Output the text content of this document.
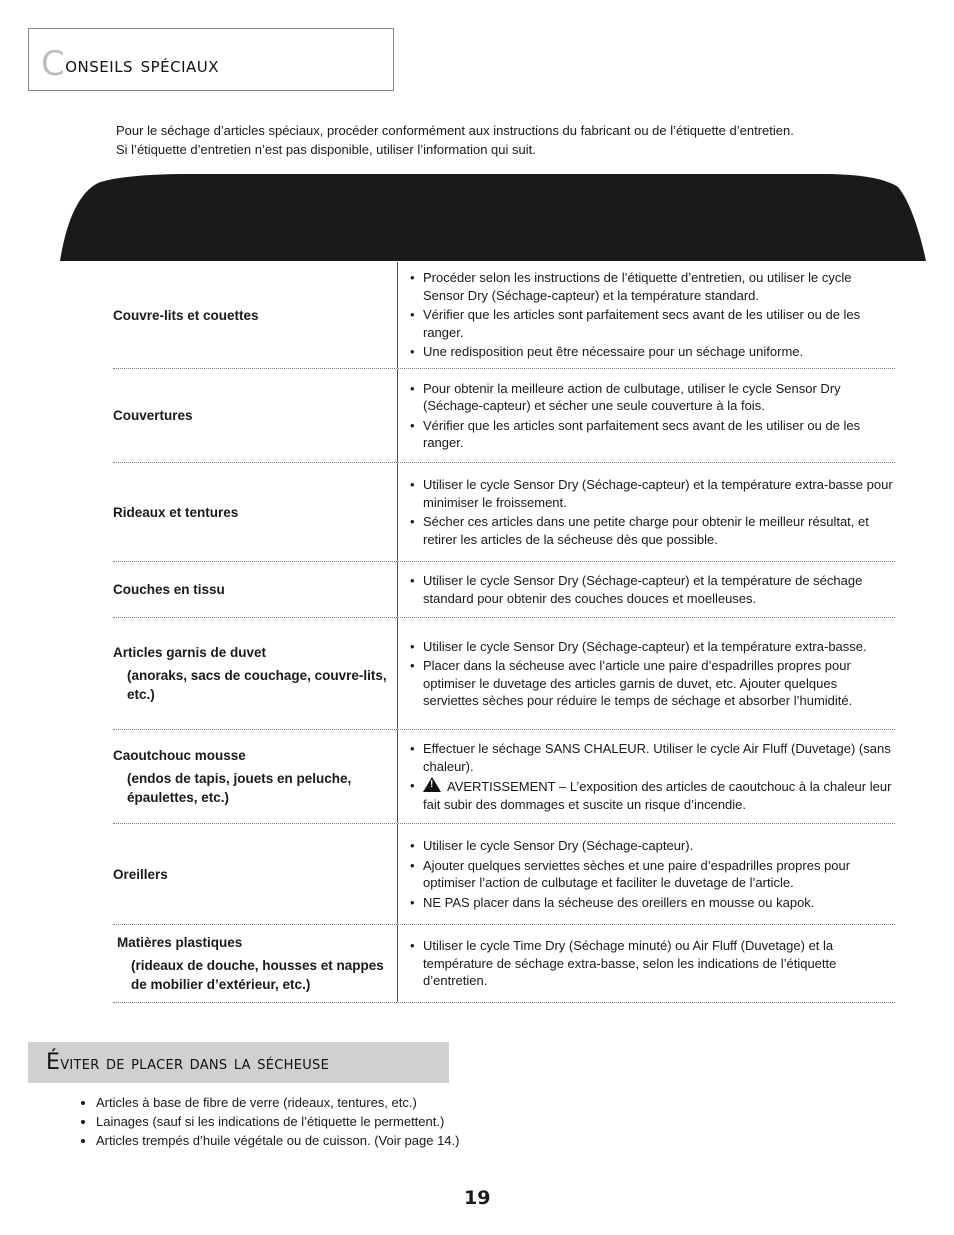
Conseils spéciaux
Pour le séchage d’articles spéciaux, procéder conformément aux instructions du fabricant ou de l’étiquette d’entretien.
Si l’étiquette d’entretien n’est pas disponible, utiliser l’information qui suit.
Couvre-lits et couettes
• Procéder selon les instructions de l’étiquette d’entretien, ou utiliser le cycle Sensor Dry (Séchage-capteur) et la température standard.
• Vérifier que les articles sont parfaitement secs avant de les utiliser ou de les ranger.
• Une redisposition peut être nécessaire pour un séchage uniforme.
Couvertures
• Pour obtenir la meilleure action de culbutage, utiliser le cycle Sensor Dry (Séchage-capteur) et sécher une seule couverture à la fois.
• Vérifier que les articles sont parfaitement secs avant de les utiliser ou de les ranger.
Rideaux et tentures
• Utiliser le cycle Sensor Dry (Séchage-capteur) et la température extra-basse pour minimiser le froissement.
• Sécher ces articles dans une petite charge pour obtenir le meilleur résultat, et retirer les articles de la sécheuse dès que possible.
Couches en tissu
• Utiliser le cycle Sensor Dry (Séchage-capteur) et la température de séchage standard pour obtenir des couches douces et moelleuses.
Articles garnis de duvet
(anoraks, sacs de couchage, couvre-lits, etc.)
• Utiliser le cycle Sensor Dry (Séchage-capteur) et la température extra-basse.
• Placer dans la sécheuse avec l’article une paire d’espadrilles propres pour optimiser le duvetage des articles garnis de duvet, etc. Ajouter quelques serviettes sèches pour réduire le temps de séchage et absorber l’humidité.
Caoutchouc mousse
(endos de tapis, jouets en peluche, épaulettes, etc.)
• Effectuer le séchage SANS CHALEUR. Utiliser le cycle Air Fluff (Duvetage) (sans chaleur).
• ! AVERTISSEMENT – L’exposition des articles de caoutchouc à la chaleur leur fait subir des dommages et suscite un risque d’incendie.
Oreillers
• Utiliser le cycle Sensor Dry (Séchage-capteur).
• Ajouter quelques serviettes sèches et une paire d’espadrilles propres pour optimiser l’action de culbutage et faciliter le duvetage de l’article.
• NE PAS placer dans la sécheuse des oreillers en mousse ou kapok.
Matières plastiques
(rideaux de douche, housses et nappes de mobilier d’extérieur, etc.)
• Utiliser le cycle Time Dry (Séchage minuté) ou Air Fluff (Duvetage) et la température de séchage extra-basse, selon les indications de l’étiquette d’entretien.
Éviter de placer dans la sécheuse
• Articles à base de fibre de verre (rideaux, tentures, etc.)
• Lainages (sauf si les indications de l’étiquette le permettent.)
• Articles trempés d’huile végétale ou de cuisson. (Voir page 14.)
19
